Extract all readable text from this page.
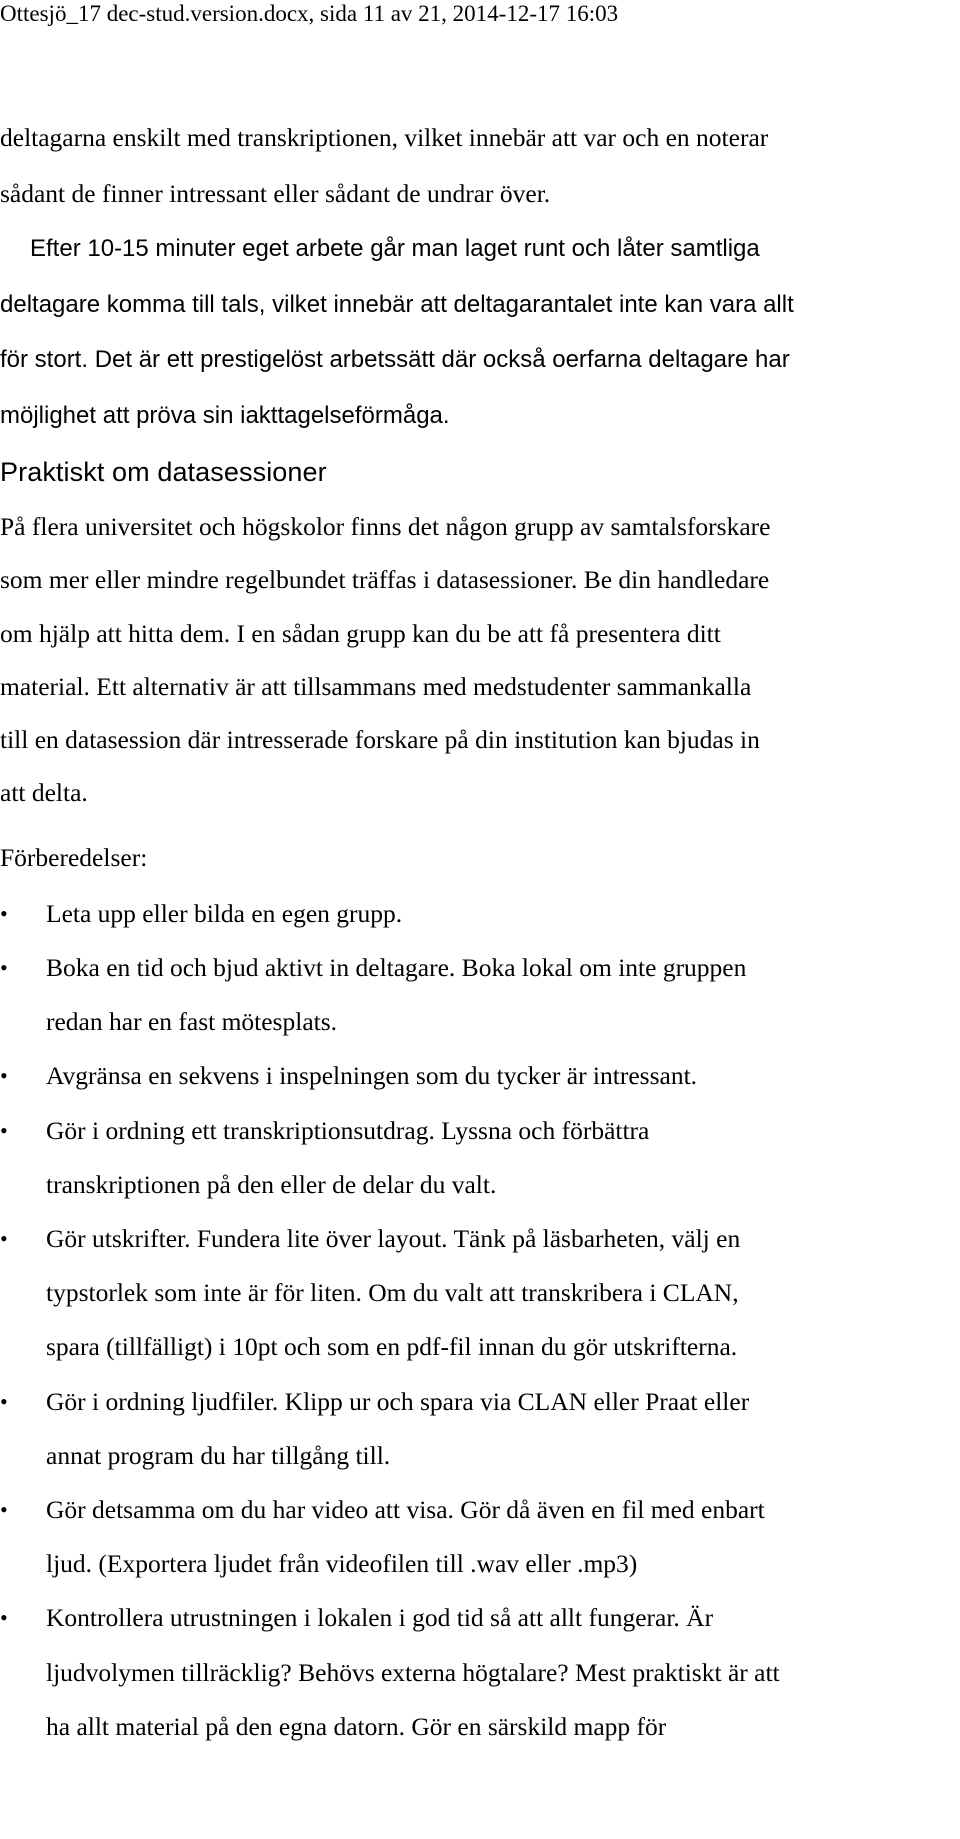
Ottesjö_17 dec-stud.version.docx, sida 11 av 21, 2014-12-17 16:03

deltagarna enskilt med transkriptionen, vilket innebär att var och en noterar

sådant de finner intressant eller sådant de undrar över.

Efter 10-15 minuter eget arbete går man laget runt och låter samtliga

deltagare komma till tals, vilket innebär att deltagarantalet inte kan vara allt

för stort. Det är ett prestigelöst arbetssätt där också oerfarna deltagare har

möjlighet att pröva sin iakttagelseförmåga.

Praktiskt om datasessioner

På flera universitet och högskolor finns det någon grupp av samtalsforskare

som mer eller mindre regelbundet träffas i datasessioner. Be din handledare

om hjälp att hitta dem. I en sådan grupp kan du be att få presentera ditt

material. Ett alternativ är att tillsammans med medstudenter sammankalla

till en datasession där intresserade forskare på din institution kan bjudas in

att delta.

Förberedelser:
•	Leta upp eller bilda en egen grupp.
•	Boka en tid och bjud aktivt in deltagare. Boka lokal om inte gruppen
redan har en fast mötesplats.
•	Avgränsa en sekvens i inspelningen som du tycker är intressant.
•	Gör i ordning ett transkriptionsutdrag. Lyssna och förbättra
transkriptionen på den eller de delar du valt.
•	Gör utskrifter. Fundera lite över layout. Tänk på läsbarheten, välj en
typstorlek som inte är för liten. Om du valt att transkribera i CLAN,
spara (tillfälligt) i 10pt och som en pdf-fil innan du gör utskrifterna.
•	Gör i ordning ljudfiler. Klipp ur och spara via CLAN eller Praat eller
annat program du har tillgång till.
•	Gör detsamma om du har video att visa. Gör då även en fil med enbart
ljud. (Exportera ljudet från videofilen till .wav eller .mp3)
•	Kontrollera utrustningen i lokalen i god tid så att allt fungerar. Är
ljudvolymen tillräcklig? Behövs externa högtalare? Mest praktiskt är att
ha allt material på den egna datorn. Gör en särskild mapp för
